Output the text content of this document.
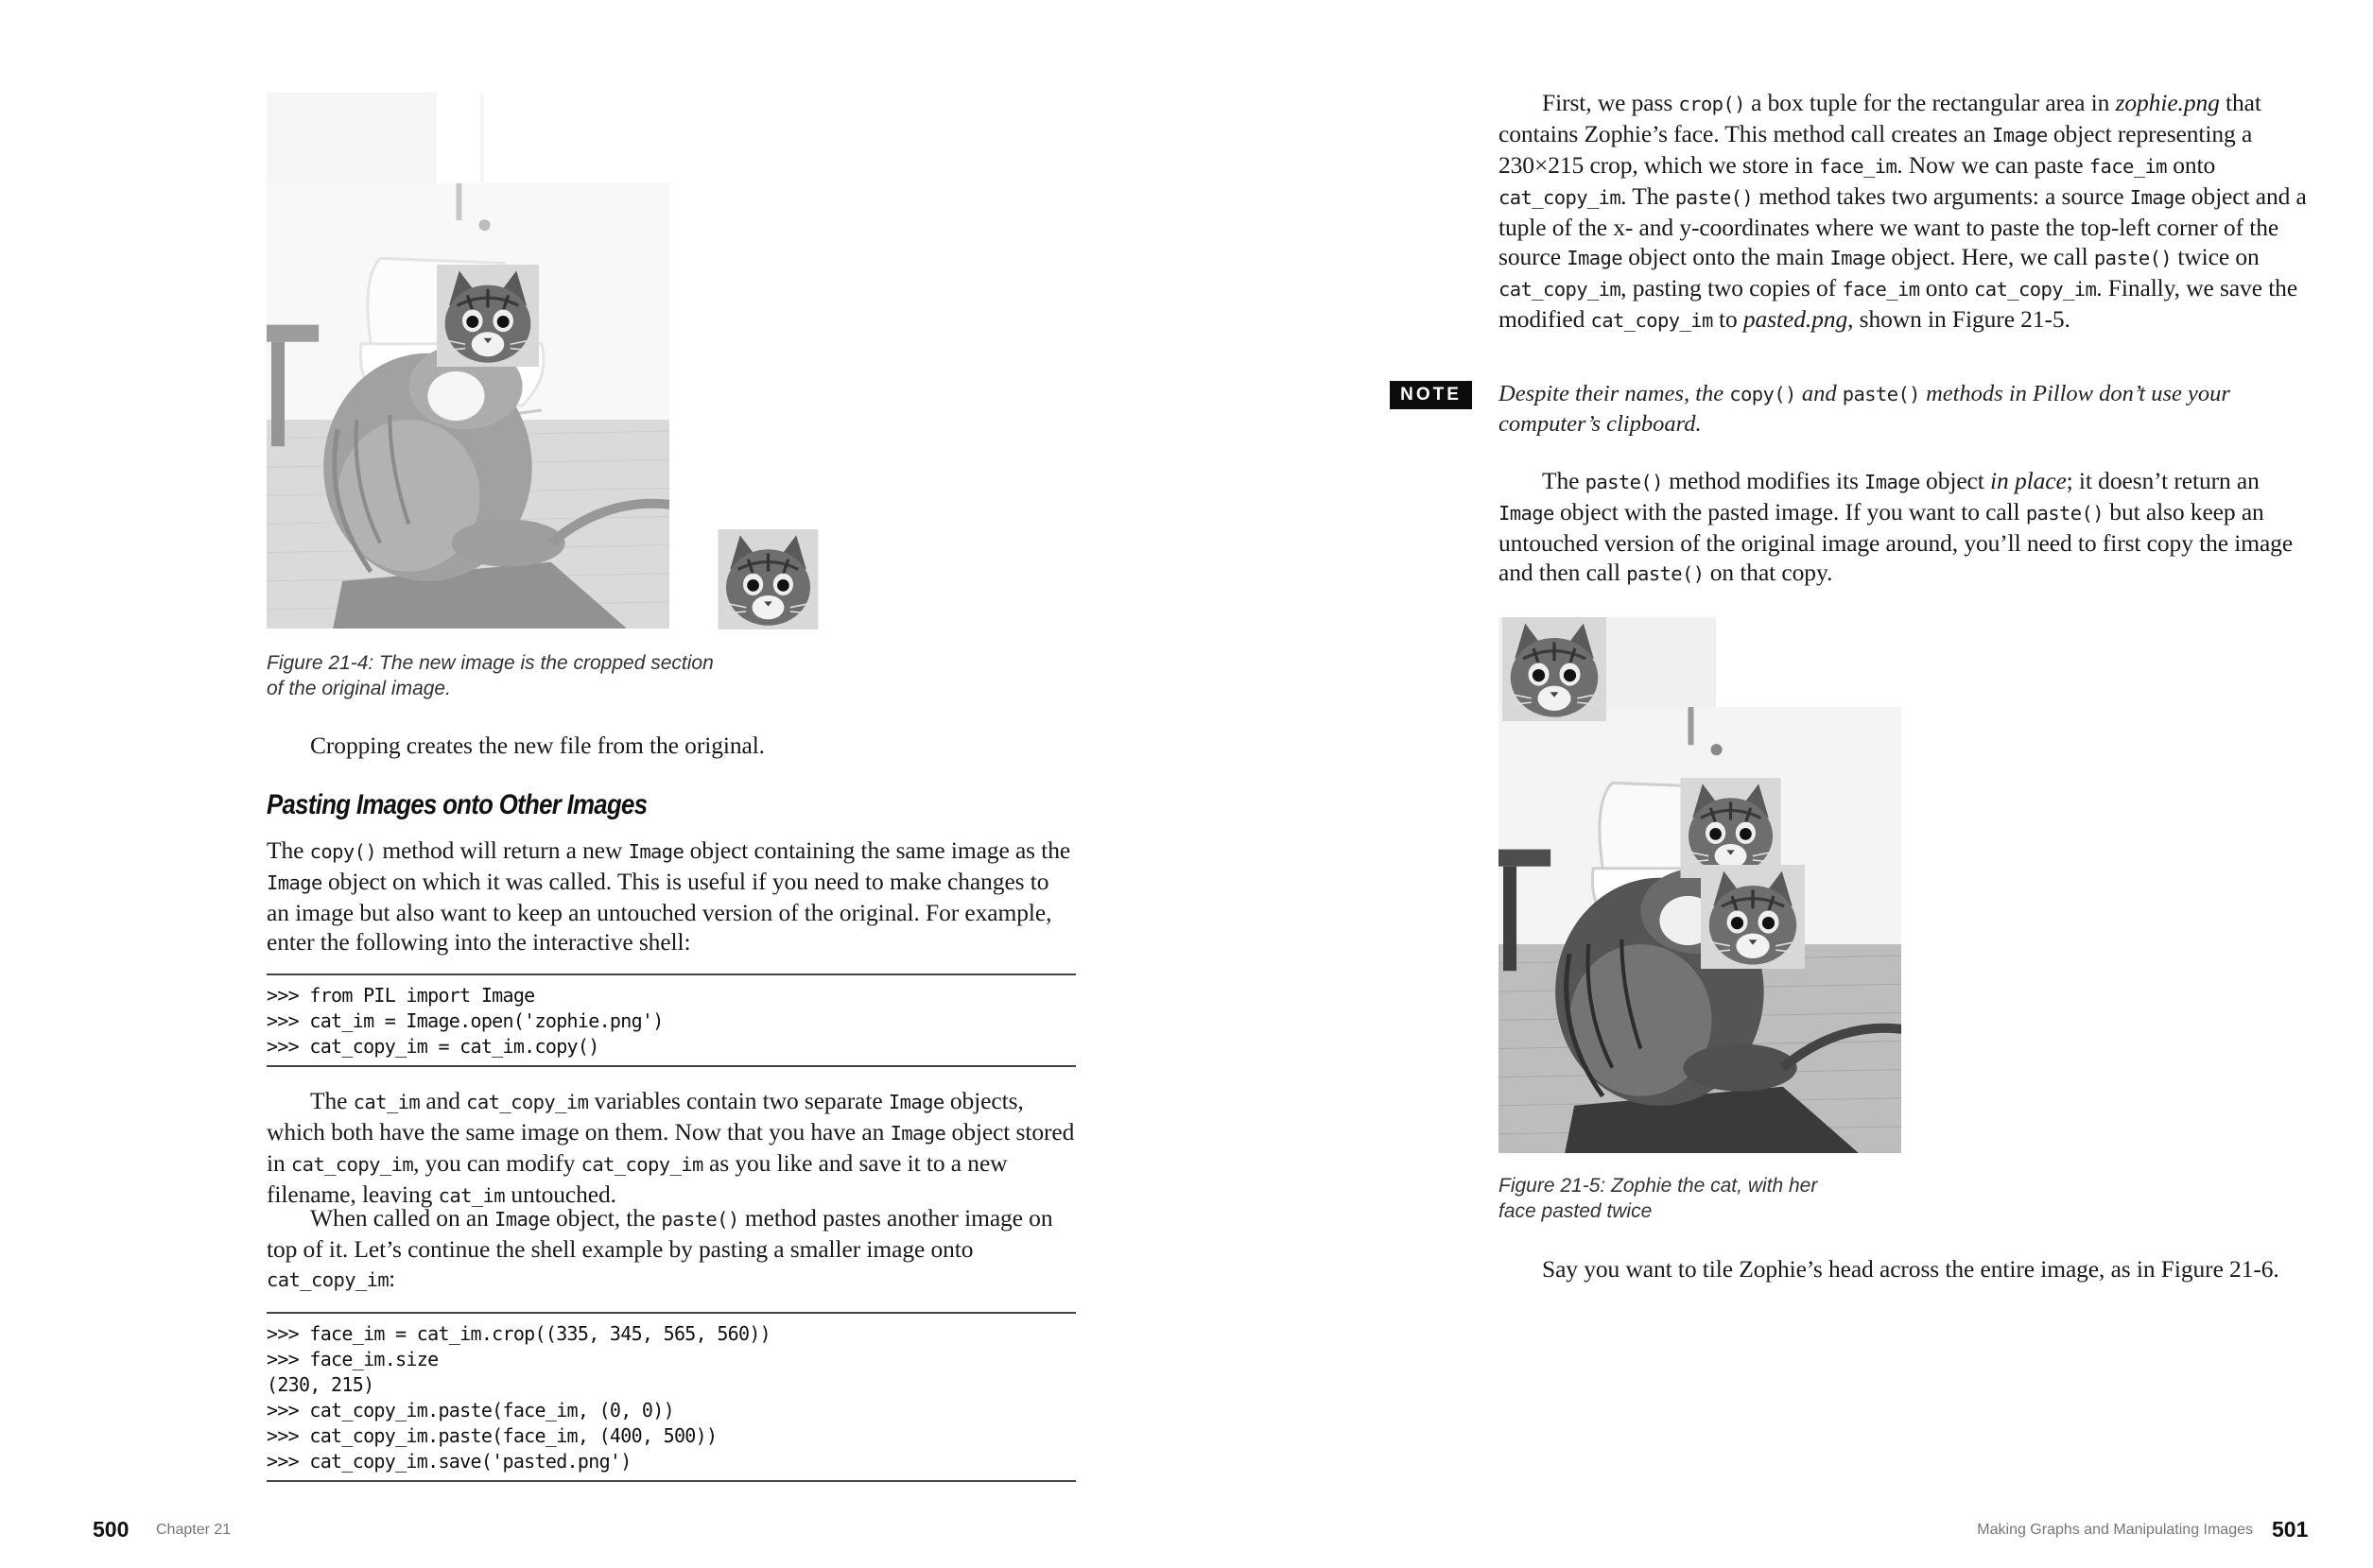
Figure 21-4: The new image is the cropped section
of the original image.
Cropping creates the new file from the original.
Pasting Images onto Other Images
The copy() method will return a new Image object containing the same image as the Image object on which it was called. This is useful if you need to make changes to an image but also want to keep an untouched version of the original. For example, enter the following into the interactive shell:
>>> from PIL import Image
>>> cat_im = Image.open('zophie.png')
>>> cat_copy_im = cat_im.copy()
The cat_im and cat_copy_im variables contain two separate Image objects, which both have the same image on them. Now that you have an Image object stored in cat_copy_im, you can modify cat_copy_im as you like and save it to a new filename, leaving cat_im untouched.
When called on an Image object, the paste() method pastes another image on top of it. Let’s continue the shell example by pasting a smaller image onto cat_copy_im:
>>> face_im = cat_im.crop((335, 345, 565, 560))
>>> face_im.size
(230, 215)
>>> cat_copy_im.paste(face_im, (0, 0))
>>> cat_copy_im.paste(face_im, (400, 500))
>>> cat_copy_im.save('pasted.png')
500 Chapter 21
First, we pass crop() a box tuple for the rectangular area in zophie.png that contains Zophie’s face. This method call creates an Image object representing a 230×215 crop, which we store in face_im. Now we can paste face_im onto cat_copy_im. The paste() method takes two arguments: a source Image object and a tuple of the x- and y-coordinates where we want to paste the top-left corner of the source Image object onto the main Image object. Here, we call paste() twice on cat_copy_im, pasting two copies of face_im onto cat_copy_im. Finally, we save the modified cat_copy_im to pasted.png, shown in Figure 21-5.
NOTE	Despite their names, the copy() and paste() methods in Pillow don’t use your computer’s clipboard.
The paste() method modifies its Image object in place; it doesn’t return an Image object with the pasted image. If you want to call paste() but also keep an untouched version of the original image around, you’ll need to first copy the image and then call paste() on that copy.
Figure 21-5: Zophie the cat, with her
face pasted twice
Say you want to tile Zophie’s head across the entire image, as in Figure 21-6.
Making Graphs and Manipulating Images 501
